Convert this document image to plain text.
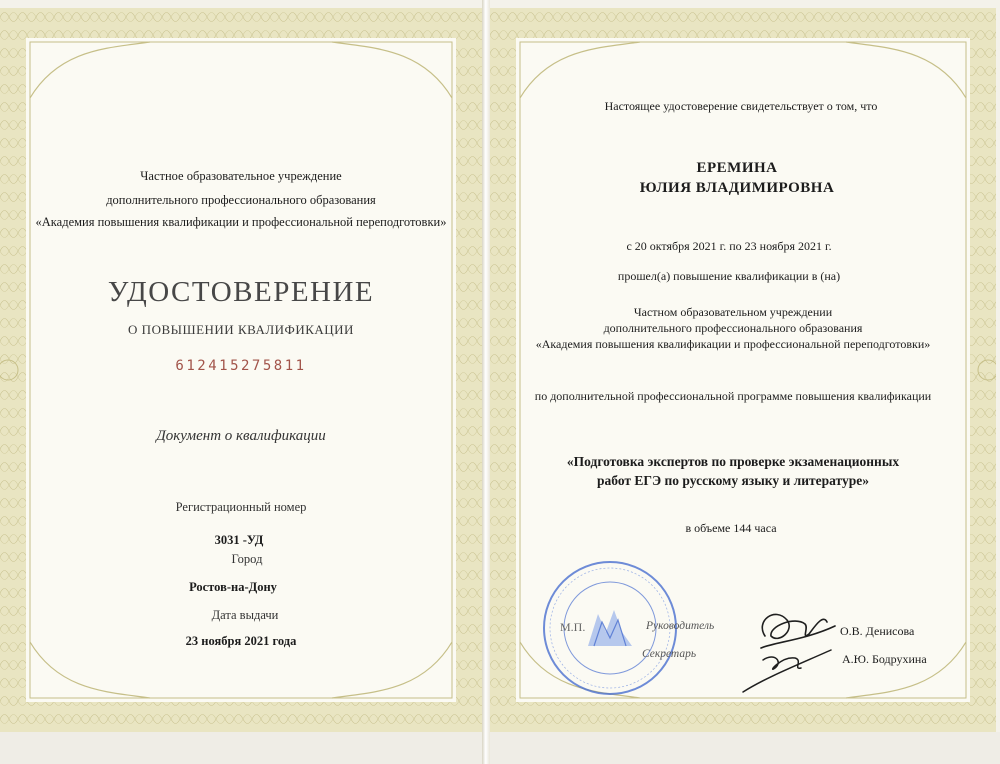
Частное образовательное учреждение
дополнительного профессионального образования
«Академия повышения квалификации и профессиональной переподготовки»
УДОСТОВЕРЕНИЕ
О ПОВЫШЕНИИ КВАЛИФИКАЦИИ
612415275811
Документ о квалификации
Регистрационный номер
3031 -УД
Город
Ростов-на-Дону
Дата выдачи
23 ноября 2021 года
Настоящее удостоверение свидетельствует о том, что
ЕРЕМИНА
ЮЛИЯ ВЛАДИМИРОВНА
с 20 октября 2021 г. по 23 ноября 2021 г.
прошел(а) повышение квалификации в (на)
Частном образовательном учреждении
дополнительного профессионального образования
«Академия повышения квалификации и профессиональной переподготовки»
по дополнительной профессиональной программе повышения квалификации
«Подготовка экспертов по проверке экзаменационных
работ ЕГЭ по русскому языку и литературе»
в объеме 144 часа
М.П.	Руководитель
Секретарь
О.В. Денисова
А.Ю. Бодрухина
